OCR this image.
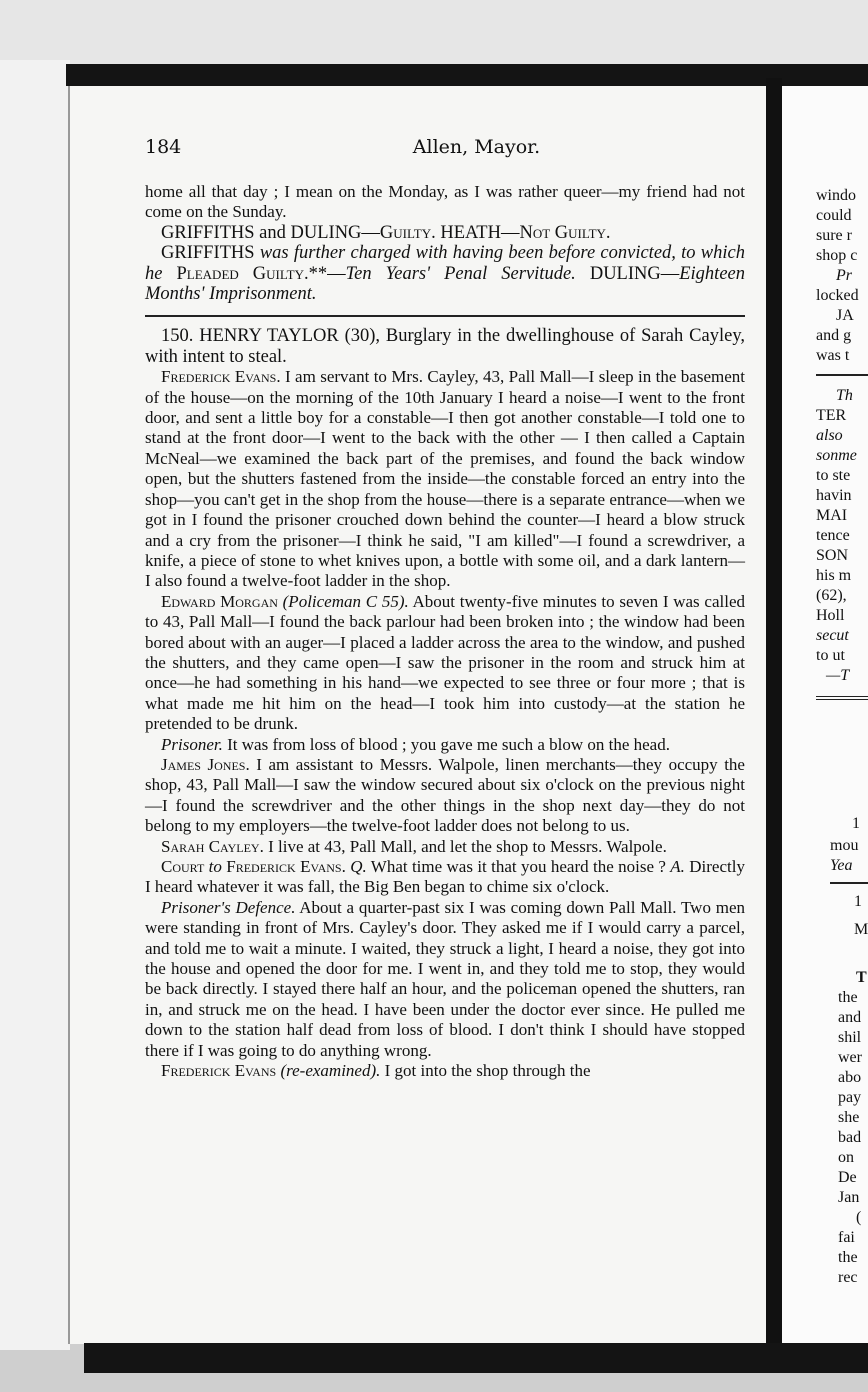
184	Allen, Mayor.

home all that day ; I mean on the Monday, as I was rather queer—my friend had not come on the Sunday.

GRIFFITHS and DULING—Guilty. HEATH—Not Guilty.

GRIFFITHS was further charged with having been before convicted, to which he Pleaded Guilty.**—Ten Years' Penal Servitude. DULING—Eighteen Months' Imprisonment.

150. HENRY TAYLOR (30), Burglary in the dwellinghouse of Sarah Cayley, with intent to steal.

Frederick Evans. I am servant to Mrs. Cayley, 43, Pall Mall—I sleep in the basement of the house—on the morning of the 10th January I heard a noise—I went to the front door, and sent a little boy for a constable—I then got another constable—I told one to stand at the front door—I went to the back with the other — I then called a Captain McNeal—we examined the back part of the premises, and found the back window open, but the shutters fastened from the inside—the constable forced an entry into the shop—you can't get in the shop from the house—there is a separate entrance—when we got in I found the prisoner crouched down behind the counter—I heard a blow struck and a cry from the prisoner—I think he said, "I am killed"—I found a screwdriver, a knife, a piece of stone to whet knives upon, a bottle with some oil, and a dark lantern—I also found a twelve-foot ladder in the shop.

Edward Morgan (Policeman C 55). About twenty-five minutes to seven I was called to 43, Pall Mall—I found the back parlour had been broken into ; the window had been bored about with an auger—I placed a ladder across the area to the window, and pushed the shutters, and they came open—I saw the prisoner in the room and struck him at once—he had something in his hand—we expected to see three or four more ; that is what made me hit him on the head—I took him into custody—at the station he pretended to be drunk.

Prisoner. It was from loss of blood ; you gave me such a blow on the head.

James Jones. I am assistant to Messrs. Walpole, linen merchants—they occupy the shop, 43, Pall Mall—I saw the window secured about six o'clock on the previous night—I found the screwdriver and the other things in the shop next day—they do not belong to my employers—the twelve-foot ladder does not belong to us.

Sarah Cayley. I live at 43, Pall Mall, and let the shop to Messrs. Walpole.

Court to Frederick Evans. Q. What time was it that you heard the noise ? A. Directly I heard whatever it was fall, the Big Ben began to chime six o'clock.

Prisoner's Defence. About a quarter-past six I was coming down Pall Mall. Two men were standing in front of Mrs. Cayley's door. They asked me if I would carry a parcel, and told me to wait a minute. I waited, they struck a light, I heard a noise, they got into the house and opened the door for me. I went in, and they told me to stop, they would be back directly. I stayed there half an hour, and the policeman opened the shutters, ran in, and struck me on the head. I have been under the doctor ever since. He pulled me down to the station half dead from loss of blood. I don't think I should have stopped there if I was going to do anything wrong.

Frederick Evans (re-examined). I got into the shop through the

windo
could
sure r
shop c
Pr
locked
JA
and g
was t
Th
TER
also
sonme
to ste
havin
MAI
tence
SON
his m
(62),
Holl
secut
to ut
—T
1
mou
Yea
1
M
T
the
and
shil
wer
abo
pay
she
bad
on
De
Jan
(
fai
the
rec
